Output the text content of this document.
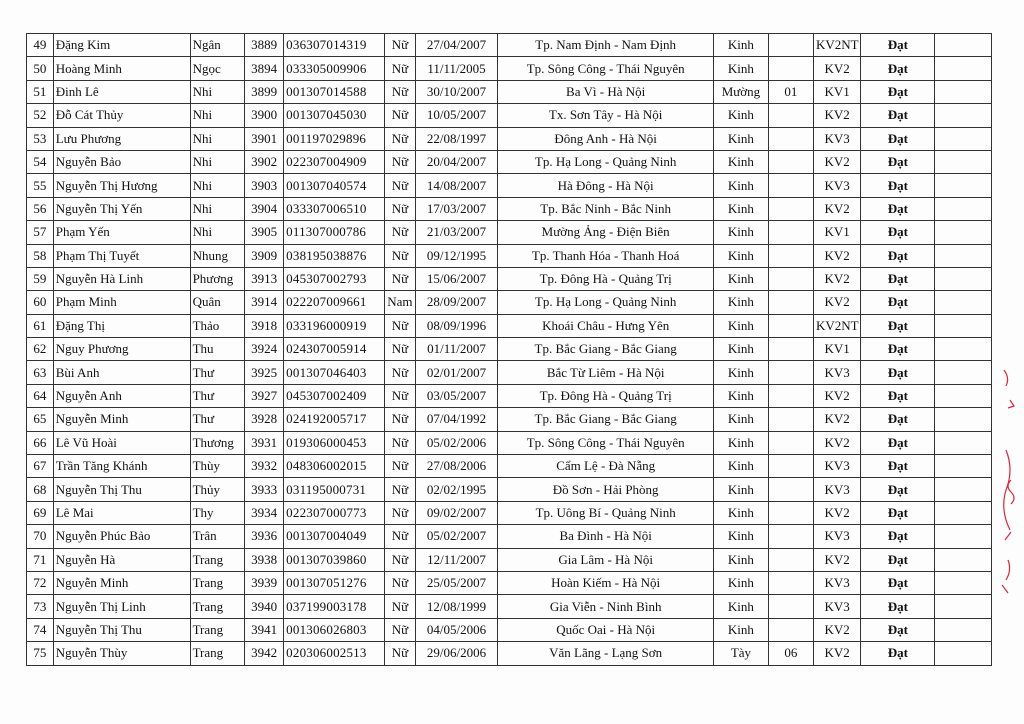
49	Đặng Kim	Ngân	3889	036307014319	Nữ	27/04/2007	Tp. Nam Định - Nam Định	Kinh		KV2NT	Đạt	
50	Hoàng Minh	Ngọc	3894	033305009906	Nữ	11/11/2005	Tp. Sông Công - Thái Nguyên	Kinh		KV2	Đạt	
51	Đinh Lê	Nhi	3899	001307014588	Nữ	30/10/2007	Ba Vì - Hà Nội	Mường	01	KV1	Đạt	
52	Đỗ Cát Thủy	Nhi	3900	001307045030	Nữ	10/05/2007	Tx. Sơn Tây - Hà Nội	Kinh		KV2	Đạt	
53	Lưu Phương	Nhi	3901	001197029896	Nữ	22/08/1997	Đông Anh - Hà Nội	Kinh		KV3	Đạt	
54	Nguyễn Bảo	Nhi	3902	022307004909	Nữ	20/04/2007	Tp. Hạ Long - Quảng Ninh	Kinh		KV2	Đạt	
55	Nguyễn Thị Hương	Nhi	3903	001307040574	Nữ	14/08/2007	Hà Đông - Hà Nội	Kinh		KV3	Đạt	
56	Nguyễn Thị Yến	Nhi	3904	033307006510	Nữ	17/03/2007	Tp. Bắc Ninh - Bắc Ninh	Kinh		KV2	Đạt	
57	Phạm Yến	Nhi	3905	011307000786	Nữ	21/03/2007	Mường Ảng - Điện Biên	Kinh		KV1	Đạt	
58	Phạm Thị Tuyết	Nhung	3909	038195038876	Nữ	09/12/1995	Tp. Thanh Hóa - Thanh Hoá	Kinh		KV2	Đạt	
59	Nguyễn Hà Linh	Phương	3913	045307002793	Nữ	15/06/2007	Tp. Đông Hà - Quảng Trị	Kinh		KV2	Đạt	
60	Phạm Minh	Quân	3914	022207009661	Nam	28/09/2007	Tp. Hạ Long - Quảng Ninh	Kinh		KV2	Đạt	
61	Đặng Thị	Thảo	3918	033196000919	Nữ	08/09/1996	Khoái Châu - Hưng Yên	Kinh		KV2NT	Đạt	
62	Nguy Phương	Thu	3924	024307005914	Nữ	01/11/2007	Tp. Bắc Giang - Bắc Giang	Kinh		KV1	Đạt	
63	Bùi Anh	Thư	3925	001307046403	Nữ	02/01/2007	Bắc Từ Liêm - Hà Nội	Kinh		KV3	Đạt	
64	Nguyễn Anh	Thư	3927	045307002409	Nữ	03/05/2007	Tp. Đông Hà - Quảng Trị	Kinh		KV2	Đạt	
65	Nguyễn Minh	Thư	3928	024192005717	Nữ	07/04/1992	Tp. Bắc Giang - Bắc Giang	Kinh		KV2	Đạt	
66	Lê Vũ Hoài	Thương	3931	019306000453	Nữ	05/02/2006	Tp. Sông Công - Thái Nguyên	Kinh		KV2	Đạt	
67	Trần Tăng Khánh	Thùy	3932	048306002015	Nữ	27/08/2006	Cẩm Lệ - Đà Nẵng	Kinh		KV3	Đạt	
68	Nguyễn Thị Thu	Thủy	3933	031195000731	Nữ	02/02/1995	Đồ Sơn - Hải Phòng	Kinh		KV3	Đạt	
69	Lê Mai	Thy	3934	022307000773	Nữ	09/02/2007	Tp. Uông Bí - Quảng Ninh	Kinh		KV2	Đạt	
70	Nguyễn Phúc Bảo	Trân	3936	001307004049	Nữ	05/02/2007	Ba Đình - Hà Nội	Kinh		KV3	Đạt	
71	Nguyễn Hà	Trang	3938	001307039860	Nữ	12/11/2007	Gia Lâm - Hà Nội	Kinh		KV2	Đạt	
72	Nguyễn Minh	Trang	3939	001307051276	Nữ	25/05/2007	Hoàn Kiếm - Hà Nội	Kinh		KV3	Đạt	
73	Nguyễn Thị Linh	Trang	3940	037199003178	Nữ	12/08/1999	Gia Viễn - Ninh Bình	Kinh		KV3	Đạt	
74	Nguyễn Thị Thu	Trang	3941	001306026803	Nữ	04/05/2006	Quốc Oai - Hà Nội	Kinh		KV2	Đạt	
75	Nguyễn Thùy	Trang	3942	020306002513	Nữ	29/06/2006	Văn Lãng - Lạng Sơn	Tày	06	KV2	Đạt	
